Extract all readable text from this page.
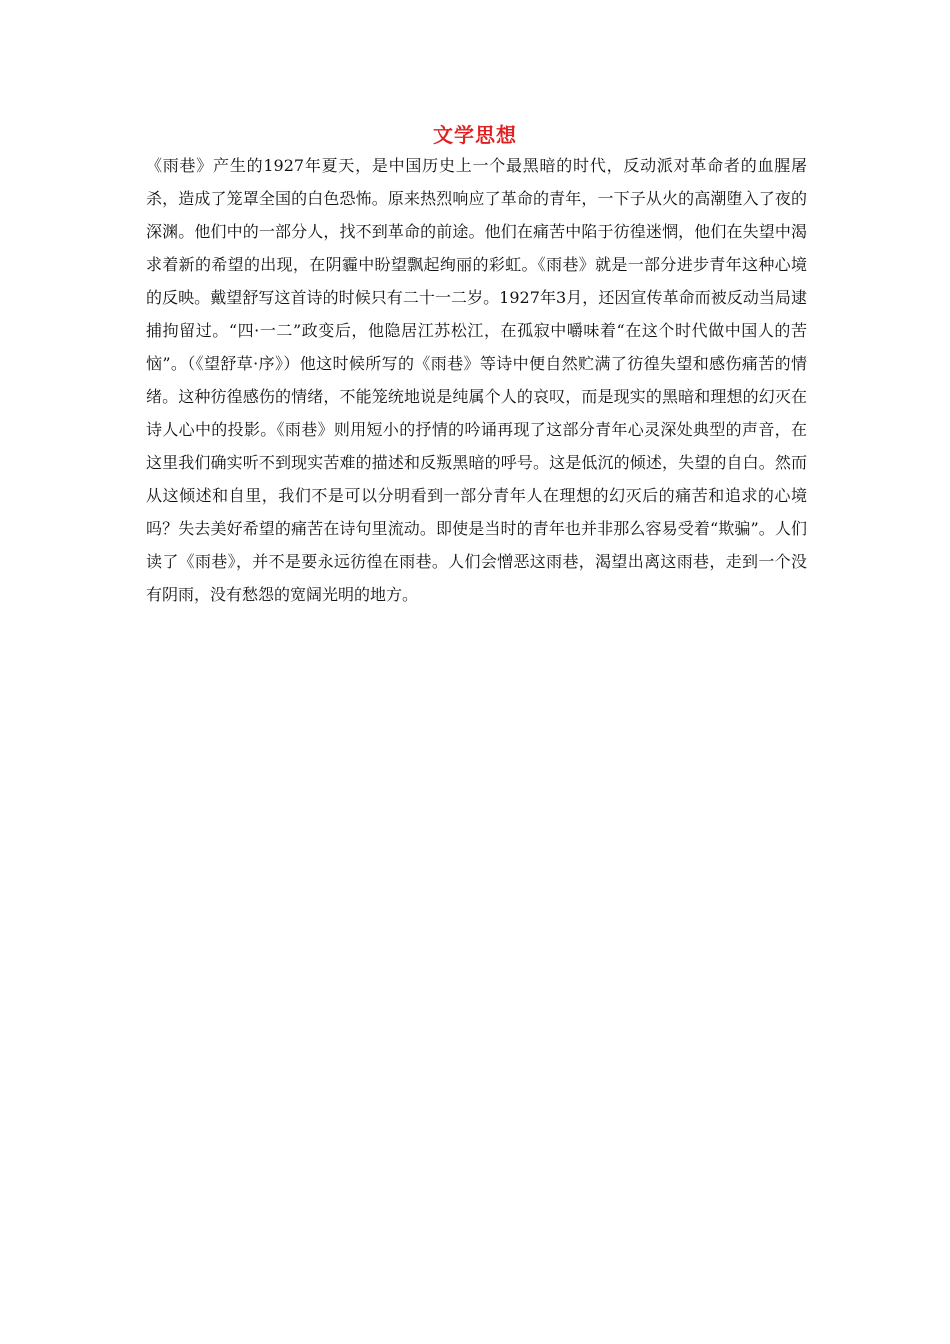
文学思想

《雨巷》产生的1927年夏天，是中国历史上一个最黑暗的时代，反动派对革命者的血腥屠杀，造成了笼罩全国的白色恐怖。原来热烈响应了革命的青年，一下子从火的高潮堕入了夜的深渊。他们中的一部分人，找不到革命的前途。他们在痛苦中陷于彷徨迷惘，他们在失望中渴求着新的希望的出现，在阴霾中盼望飘起绚丽的彩虹。《雨巷》就是一部分进步青年这种心境的反映。戴望舒写这首诗的时候只有二十一二岁。1927年3月，还因宣传革命而被反动当局逮捕拘留过。“四·一二”政变后，他隐居江苏松江，在孤寂中嚼味着“在这个时代做中国人的苦恼”。（《望舒草·序》）他这时候所写的《雨巷》等诗中便自然贮满了彷徨失望和感伤痛苦的情绪。这种彷徨感伤的情绪，不能笼统地说是纯属个人的哀叹，而是现实的黑暗和理想的幻灭在诗人心中的投影。《雨巷》则用短小的抒情的吟诵再现了这部分青年心灵深处典型的声音，在这里我们确实听不到现实苦难的描述和反叛黑暗的呼号。这是低沉的倾述，失望的自白。然而从这倾述和自里，我们不是可以分明看到一部分青年人在理想的幻灭后的痛苦和追求的心境吗？失去美好希望的痛苦在诗句里流动。即使是当时的青年也并非那么容易受着“欺骗”。人们读了《雨巷》，并不是要永远彷徨在雨巷。人们会憎恶这雨巷，渴望出离这雨巷，走到一个没有阴雨，没有愁怨的宽阔光明的地方。
